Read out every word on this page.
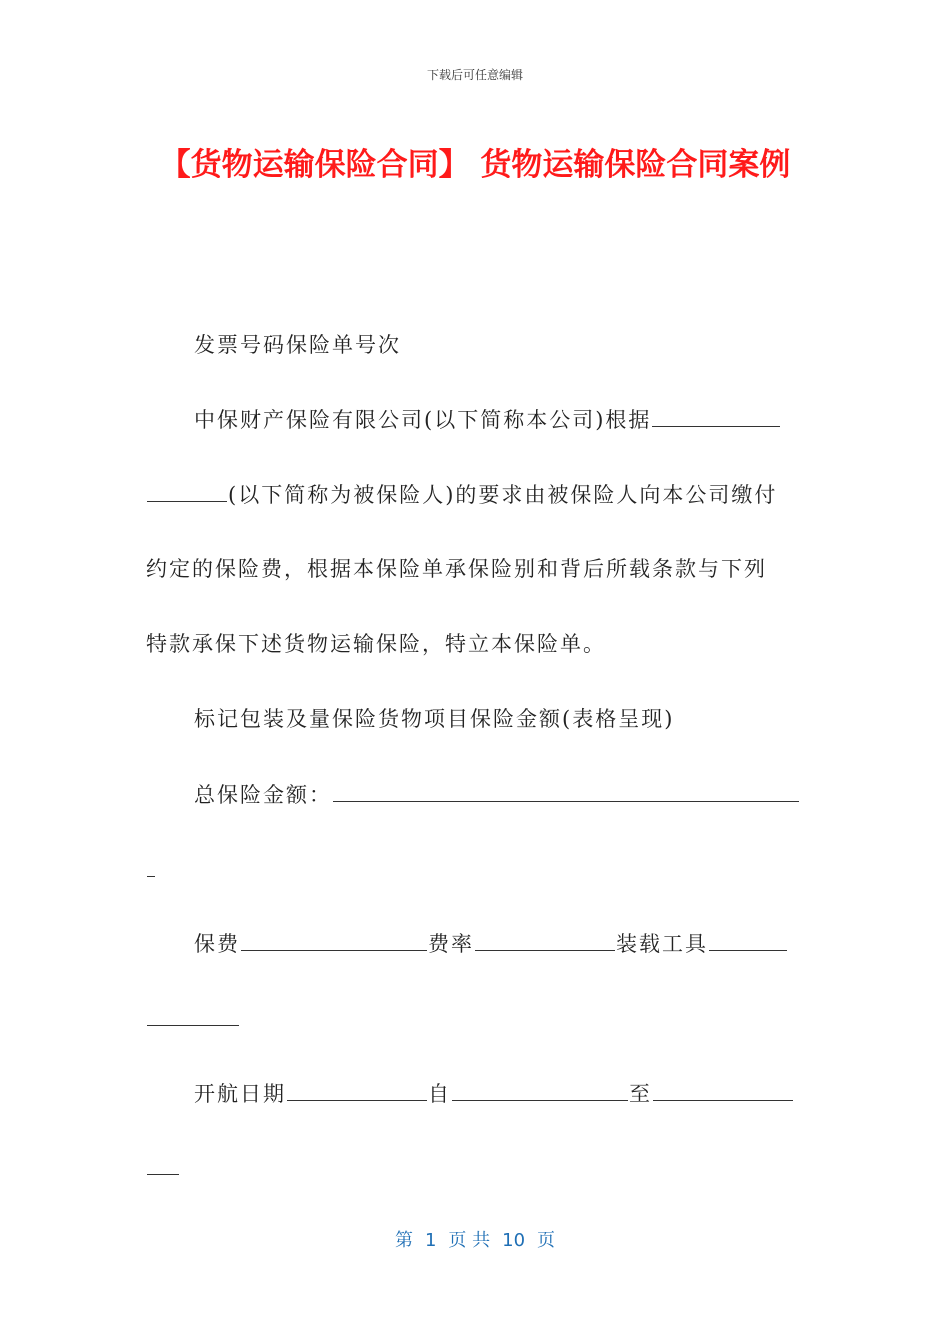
下载后可任意编辑
【货物运输保险合同】 货物运输保险合同案例
发票号码保险单号次
中保财产保险有限公司(以下简称本公司)根据
(以下简称为被保险人)的要求由被保险人向本公司缴付
约定的保险费，根据本保险单承保险别和背后所载条款与下列
特款承保下述货物运输保险，特立本保险单。
标记包装及量保险货物项目保险金额(表格呈现)
总保险金额：
保费	费率	装载工具
开航日期	自	至
第 1 页 共 10 页
